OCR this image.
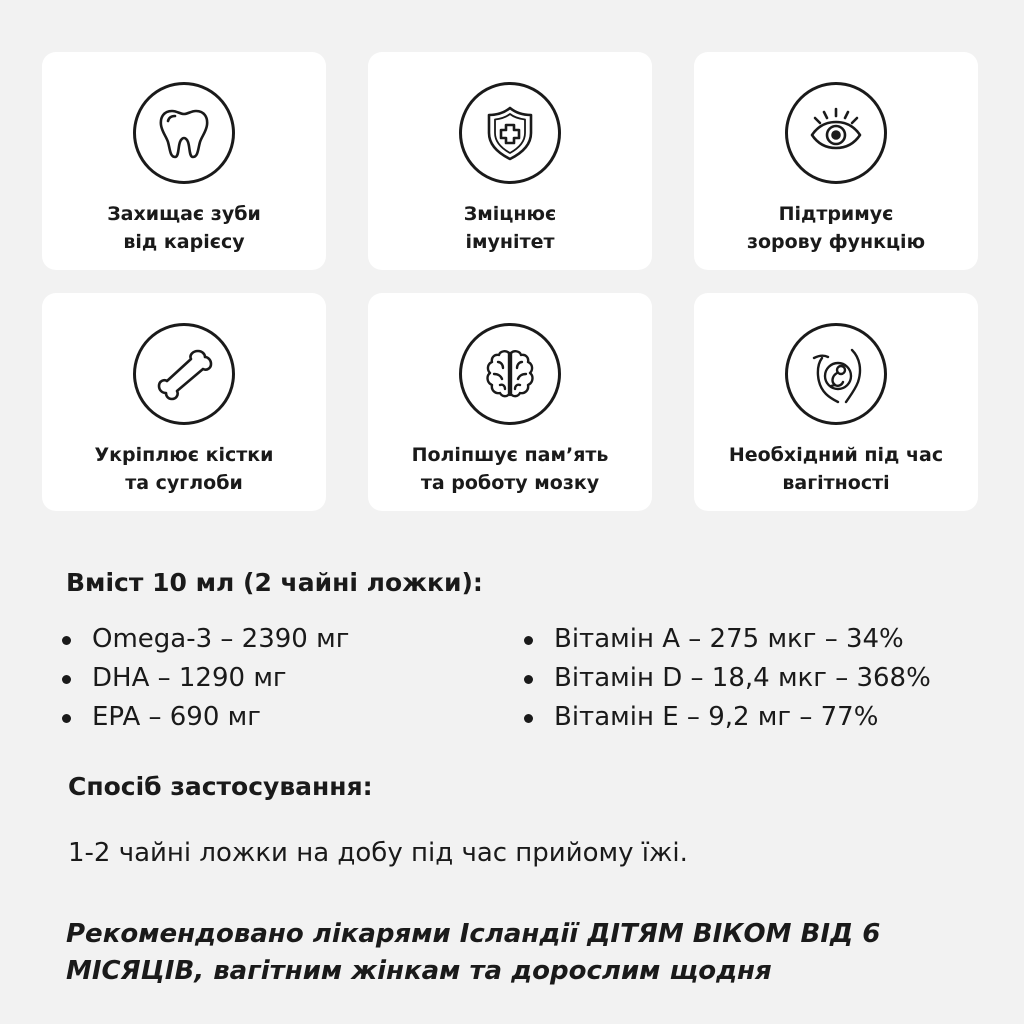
Захищає зуби
від карієсу
Зміцнює
імунітет
Підтримує
зорову функцію
Укріплює кістки
та суглоби
Поліпшує пам’ять
та роботу мозку
Необхідний під час
вагітності
Вміст 10 мл (2 чайні ложки):
Omega-3 – 2390 мг
DHA – 1290 мг
EPA – 690 мг
Вітамін A – 275 мкг – 34%
Вітамін D – 18,4 мкг – 368%
Вітамін E – 9,2 мг – 77%
Спосіб застосування:
1-2 чайні ложки на добу під час прийому їжі.
Рекомендовано лікарями Ісландії ДІТЯМ ВІКОМ ВІД 6 МІСЯЦІВ, вагітним жінкам та дорослим щодня
